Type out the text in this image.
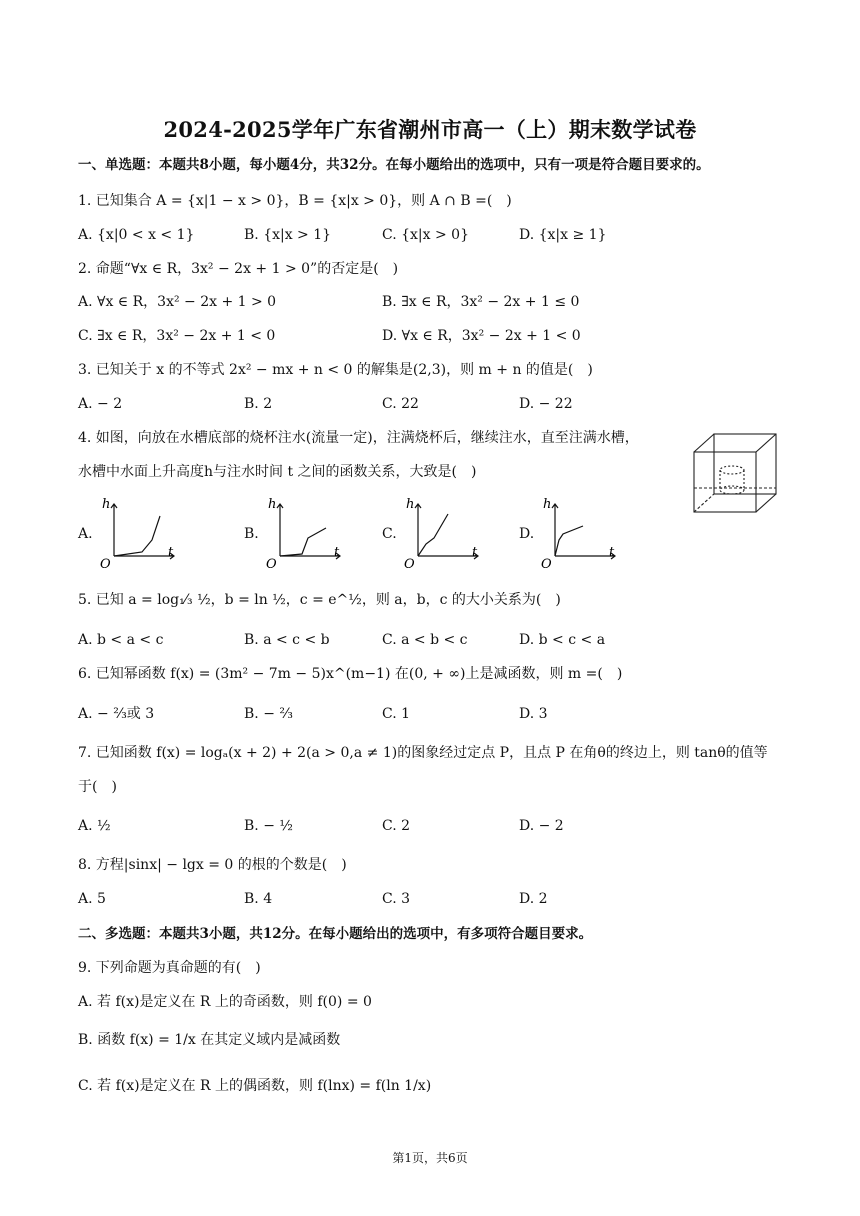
2024-2025学年广东省潮州市高一（上）期末数学试卷
一、单选题：本题共8小题，每小题4分，共32分。在每小题给出的选项中，只有一项是符合题目要求的。
1. 已知集合 A = {x|1 − x > 0}，B = {x|x > 0}，则 A ∩ B =(　)
A. {x|0 < x < 1}	B. {x|x > 1}	C. {x|x > 0}	D. {x|x ≥ 1}
2. 命题“∀x ∈ R，3x² − 2x + 1 > 0”的否定是(　)
A. ∀x ∈ R，3x² − 2x + 1 > 0	B. ∃x ∈ R，3x² − 2x + 1 ≤ 0
C. ∃x ∈ R，3x² − 2x + 1 < 0	D. ∀x ∈ R，3x² − 2x + 1 < 0
3. 已知关于 x 的不等式 2x² − mx + n < 0 的解集是(2,3)，则 m + n 的值是(　)
A. − 2	B. 2	C. 22	D. − 22
4. 如图，向放在水槽底部的烧杯注水(流量一定)，注满烧杯后，继续注水，直至注满水槽，
水槽中水面上升高度h与注水时间 t 之间的函数关系，大致是(　)
A.
h
t
O
B.
h
t
O
C.
h
t
O
D.
h
t
O
5. 已知 a = log₁⁄₃ ½，b = ln ½，c = e^½，则 a，b，c 的大小关系为(　)
A. b < a < c	B. a < c < b	C. a < b < c	D. b < c < a
6. 已知幂函数 f(x) = (3m² − 7m − 5)x^(m−1) 在(0, + ∞)上是减函数，则 m =(　)
A. − ⅔或 3	B. − ⅔	C. 1	D. 3
7. 已知函数 f(x) = logₐ(x + 2) + 2(a > 0,a ≠ 1)的图象经过定点 P，且点 P 在角θ的终边上，则 tanθ的值等
于(　)
A. ½	B. − ½	C. 2	D. − 2
8. 方程|sinx| − lgx = 0 的根的个数是(　)
A. 5	B. 4	C. 3	D. 2
二、多选题：本题共3小题，共12分。在每小题给出的选项中，有多项符合题目要求。
9. 下列命题为真命题的有(　)
A. 若 f(x)是定义在 R 上的奇函数，则 f(0) = 0
B. 函数 f(x) = 1/x 在其定义域内是减函数
C. 若 f(x)是定义在 R 上的偶函数，则 f(lnx) = f(ln 1/x)
第1页，共6页
